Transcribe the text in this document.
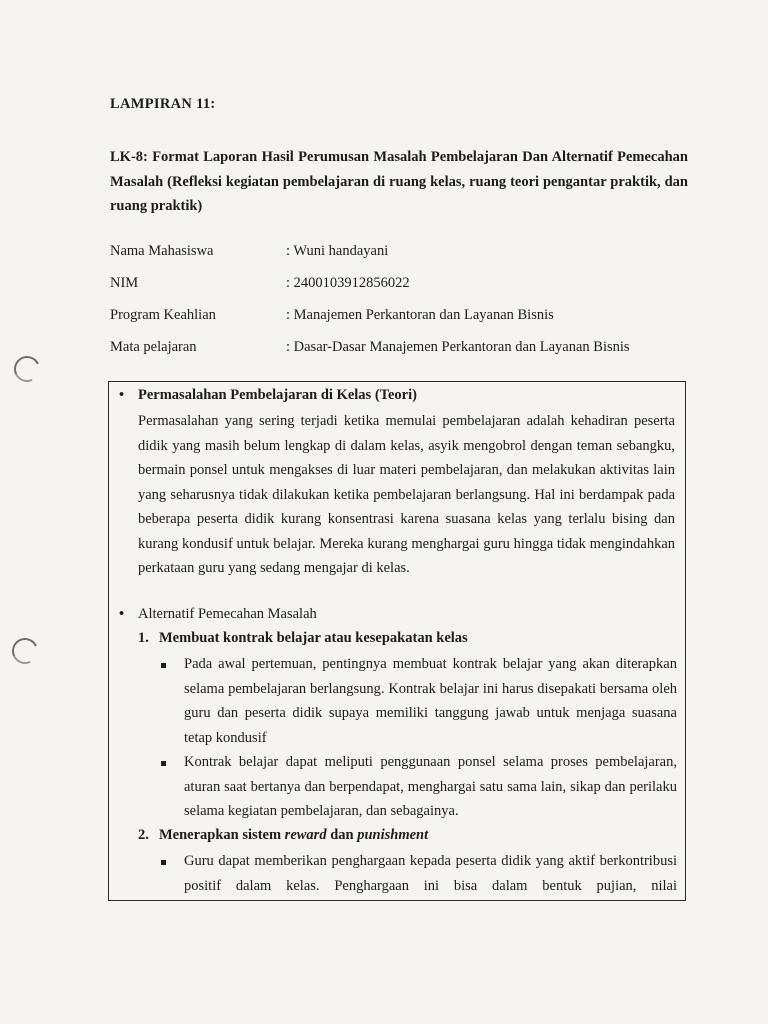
LAMPIRAN 11:
LK-8: Format Laporan Hasil Perumusan Masalah Pembelajaran Dan Alternatif Pemecahan Masalah (Refleksi kegiatan pembelajaran di ruang kelas, ruang teori pengantar praktik, dan ruang praktik)
Nama Mahasiswa	: Wuni handayani
NIM	: 2400103912856022
Program Keahlian	: Manajemen Perkantoran dan Layanan Bisnis
Mata pelajaran	: Dasar-Dasar Manajemen Perkantoran dan Layanan Bisnis
• Permasalahan Pembelajaran di Kelas (Teori)
Permasalahan yang sering terjadi ketika memulai pembelajaran adalah kehadiran peserta didik yang masih belum lengkap di dalam kelas, asyik mengobrol dengan teman sebangku, bermain ponsel untuk mengakses di luar materi pembelajaran, dan melakukan aktivitas lain yang seharusnya tidak dilakukan ketika pembelajaran berlangsung. Hal ini berdampak pada beberapa peserta didik kurang konsentrasi karena suasana kelas yang terlalu bising dan kurang kondusif untuk belajar. Mereka kurang menghargai guru hingga tidak mengindahkan perkataan guru yang sedang mengajar di kelas.
• Alternatif Pemecahan Masalah
1. Membuat kontrak belajar atau kesepakatan kelas
Pada awal pertemuan, pentingnya membuat kontrak belajar yang akan diterapkan selama pembelajaran berlangsung. Kontrak belajar ini harus disepakati bersama oleh guru dan peserta didik supaya memiliki tanggung jawab untuk menjaga suasana tetap kondusif
Kontrak belajar dapat meliputi penggunaan ponsel selama proses pembelajaran, aturan saat bertanya dan berpendapat, menghargai satu sama lain, sikap dan perilaku selama kegiatan pembelajaran, dan sebagainya.
2. Menerapkan sistem reward dan punishment
Guru dapat memberikan penghargaan kepada peserta didik yang aktif berkontribusi positif dalam kelas. Penghargaan ini bisa dalam bentuk pujian, nilai
